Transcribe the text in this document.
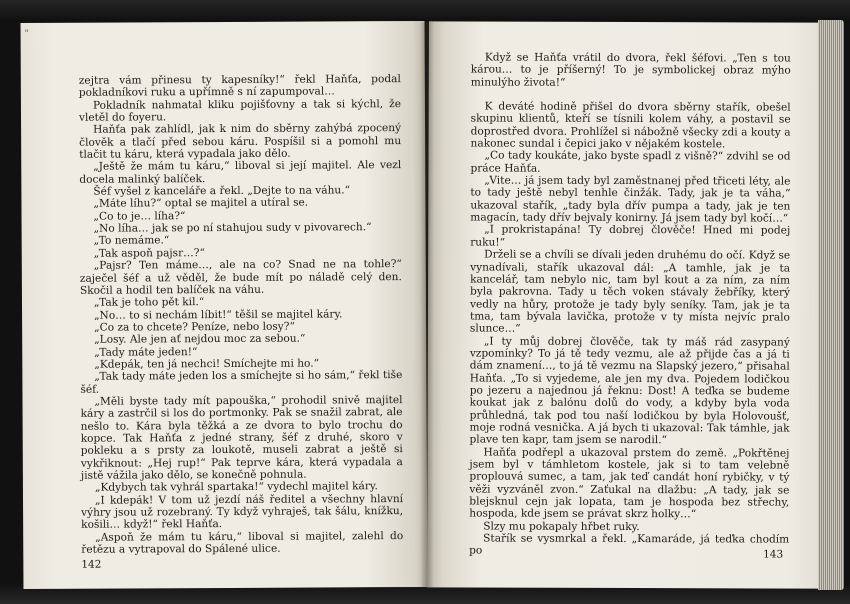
"

zejtra vám přinesu ty kapesníky!“ řekl Haňťa, podal pokladníkovi ruku a upřímně s ní zapumpoval…

Pokladník nahmatal kliku pojišťovny a tak si kýchl, že vletěl do foyeru.

Haňťa pak zahlídl, jak k nim do sběrny zahýbá zpocený člověk a tlačí před sebou káru. Pospíšil si a pomohl mu tlačit tu káru, která vypadala jako dělo.

„Ještě že mám tu káru,“ liboval si její majitel. Ale vezl docela malinký balíček.

Šéf vyšel z kanceláře a řekl. „Dejte to na váhu.“

„Máte líhu?“ optal se majitel a utíral se.

„Co to je… líha?“

„No líha… jak se po ní stahujou sudy v pivovarech.“

„To nemáme.“

„Tak aspoň pajsr…?“

„Pajsr? Ten máme…, ale na co? Snad ne na tohle?“ zaječel šéf a už věděl, že bude mít po náladě celý den. Skočil a hodil ten balíček na váhu.

„Tak je toho pět kil.“

„No… to si nechám líbit!“ těšil se majitel káry.

„Co za to chcete? Peníze, nebo losy?“

„Losy. Ale jen ať nejdou moc za sebou.“

„Tady máte jeden!“

„Kdepák, ten já nechci! Smíchejte mi ho.“

„Tak tady máte jeden los a smíchejte si ho sám,“ řekl tiše šéf.

„Měli byste tady mít papouška,“ prohodil snivě majitel káry a zastrčil si los do portmonky. Pak se snažil zabrat, ale nešlo to. Kára byla těžká a ze dvora to bylo trochu do kopce. Tak Haňťa z jedné strany, šéf z druhé, skoro v pokleku a s prsty za loukotě, museli zabrat a ještě si vykřiknout: „Hej rup!“ Pak teprve kára, která vypadala a jistě vážila jako dělo, se konečně pohnula.

„Kdybych tak vyhrál spartaka!“ vydechl majitel káry.

„I kdepák! V tom už jezdí náš ředitel a všechny hlavní výhry jsou už rozebraný. Ty když vyhraješ, tak šálu, knížku, košili… když!“ řekl Haňťa.

„Aspoň že mám tu káru,“ liboval si majitel, zalehl do řetězu a vytrapoval do Spálené ulice.

142

Když se Haňťa vrátil do dvora, řekl šéfovi. „Ten s tou károu… to je příšerný! To je symbolickej obraz mýho minulýho života!“

K deváté hodině přišel do dvora sběrny stařík, obešel skupinu klientů, kteří se tísnili kolem váhy, a postavil se doprostřed dvora. Prohlížel si nábožně všecky zdi a kouty a nakonec sundal i čepici jako v nějakém kostele.

„Co tady koukáte, jako byste spadl z višně?“ zdvihl se od práce Haňťa.

„Vite… já jsem tady byl zaměstnanej před třiceti léty, ale to tady ještě nebyl tenhle činžák. Tady, jak je ta váha,“ ukazoval stařík, „tady byla dřív pumpa a tady, jak je ten magacín, tady dřív bejvaly konirny. Já jsem tady byl kočí…“

„I prokristapána! Ty dobrej člověče! Hned mi podej ruku!“

Drželi se a chvíli se dívali jeden druhému do očí. Když se vynadívali, stařík ukazoval dál: „A tamhle, jak je ta kancelář, tam nebylo nic, tam byl kout a za ním, za ním byla pakrovna. Tady u těch voken stávaly žebříky, který vedly na hůry, protože je tady byly seníky. Tam, jak je ta tma, tam bývala lavička, protože v ty místa nejvíc pralo slunce…“

„I ty můj dobrej člověče, tak ty máš rád zasypaný vzpomínky? To já tě tedy vezmu, ale až přijde čas a já ti dám znamení…, to já tě vezmu na Slapský jezero,“ přisahal Haňťa. „To si vyjedeme, ale jen my dva. Pojedem lodičkou po jezeru a najednou já řeknu: Dost! A teďka se budeme koukat jak z balónu dolů do vody, a kdyby byla voda průhledná, tak pod tou naší lodičkou by byla Holovoušť, moje rodná vesnička. A já bych ti ukazoval: Tak támhle, jak plave ten kapr, tam jsem se narodil.“

Haňťa podřepl a ukazoval prstem do země. „Pokřtěnej jsem byl v támhletom kostele, jak si to tam velebně proplouvá sumec, a tam, jak teď candát honí rybičky, v tý věži vyzváněl zvon.“ Zaťukal na dlažbu: „A tady, jak se blejsknul cejn jak lopata, tam je hospoda bez střechy, hospoda, kde jsem se právat skrz holky…“

Slzy mu pokapaly hřbet ruky.

Stařík se vysmrkal a řekl. „Kamaráde, já teďka chodím po	143
